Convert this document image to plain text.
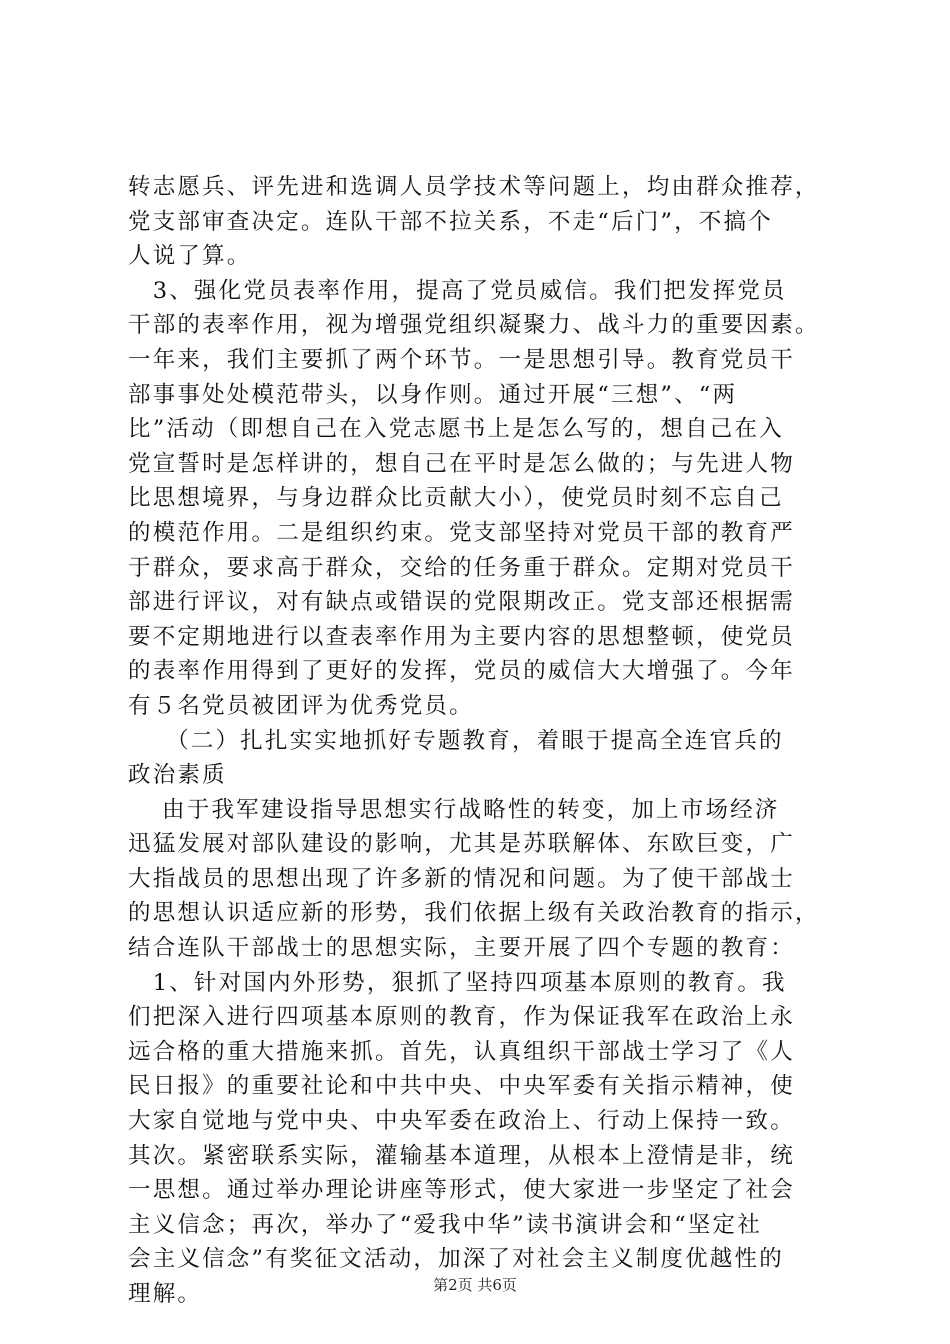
转志愿兵、评先进和选调人员学技术等问题上，均由群众推荐，
党支部审查决定。连队干部不拉关系，不走“后门”，不搞个
人说了算。
　3、强化党员表率作用，提高了党员威信。我们把发挥党员
干部的表率作用，视为增强党组织凝聚力、战斗力的重要因素。
一年来，我们主要抓了两个环节。一是思想引导。教育党员干
部事事处处模范带头，以身作则。通过开展“三想”、“两
比”活动（即想自己在入党志愿书上是怎么写的，想自己在入
党宣誓时是怎样讲的，想自己在平时是怎么做的；与先进人物
比思想境界，与身边群众比贡献大小），使党员时刻不忘自己
的模范作用。二是组织约束。党支部坚持对党员干部的教育严
于群众，要求高于群众，交给的任务重于群众。定期对党员干
部进行评议，对有缺点或错误的党限期改正。党支部还根据需
要不定期地进行以查表率作用为主要内容的思想整顿，使党员
的表率作用得到了更好的发挥，党员的威信大大增强了。今年
有５名党员被团评为优秀党员。
　　（二）扎扎实实地抓好专题教育，着眼于提高全连官兵的
政治素质
　 由于我军建设指导思想实行战略性的转变，加上市场经济
迅猛发展对部队建设的影响，尤其是苏联解体、东欧巨变，广
大指战员的思想出现了许多新的情况和问题。为了使干部战士
的思想认识适应新的形势，我们依据上级有关政治教育的指示，
结合连队干部战士的思想实际，主要开展了四个专题的教育：
　1、针对国内外形势，狠抓了坚持四项基本原则的教育。我
们把深入进行四项基本原则的教育，作为保证我军在政治上永
远合格的重大措施来抓。首先，认真组织干部战士学习了《人
民日报》的重要社论和中共中央、中央军委有关指示精神，使
大家自觉地与党中央、中央军委在政治上、行动上保持一致。
其次。紧密联系实际，灌输基本道理，从根本上澄情是非，统
一思想。通过举办理论讲座等形式，使大家进一步坚定了社会
主义信念；再次，举办了“爱我中华”读书演讲会和“坚定社
会主义信念”有奖征文活动，加深了对社会主义制度优越性的
理解。	第2页 共6页
